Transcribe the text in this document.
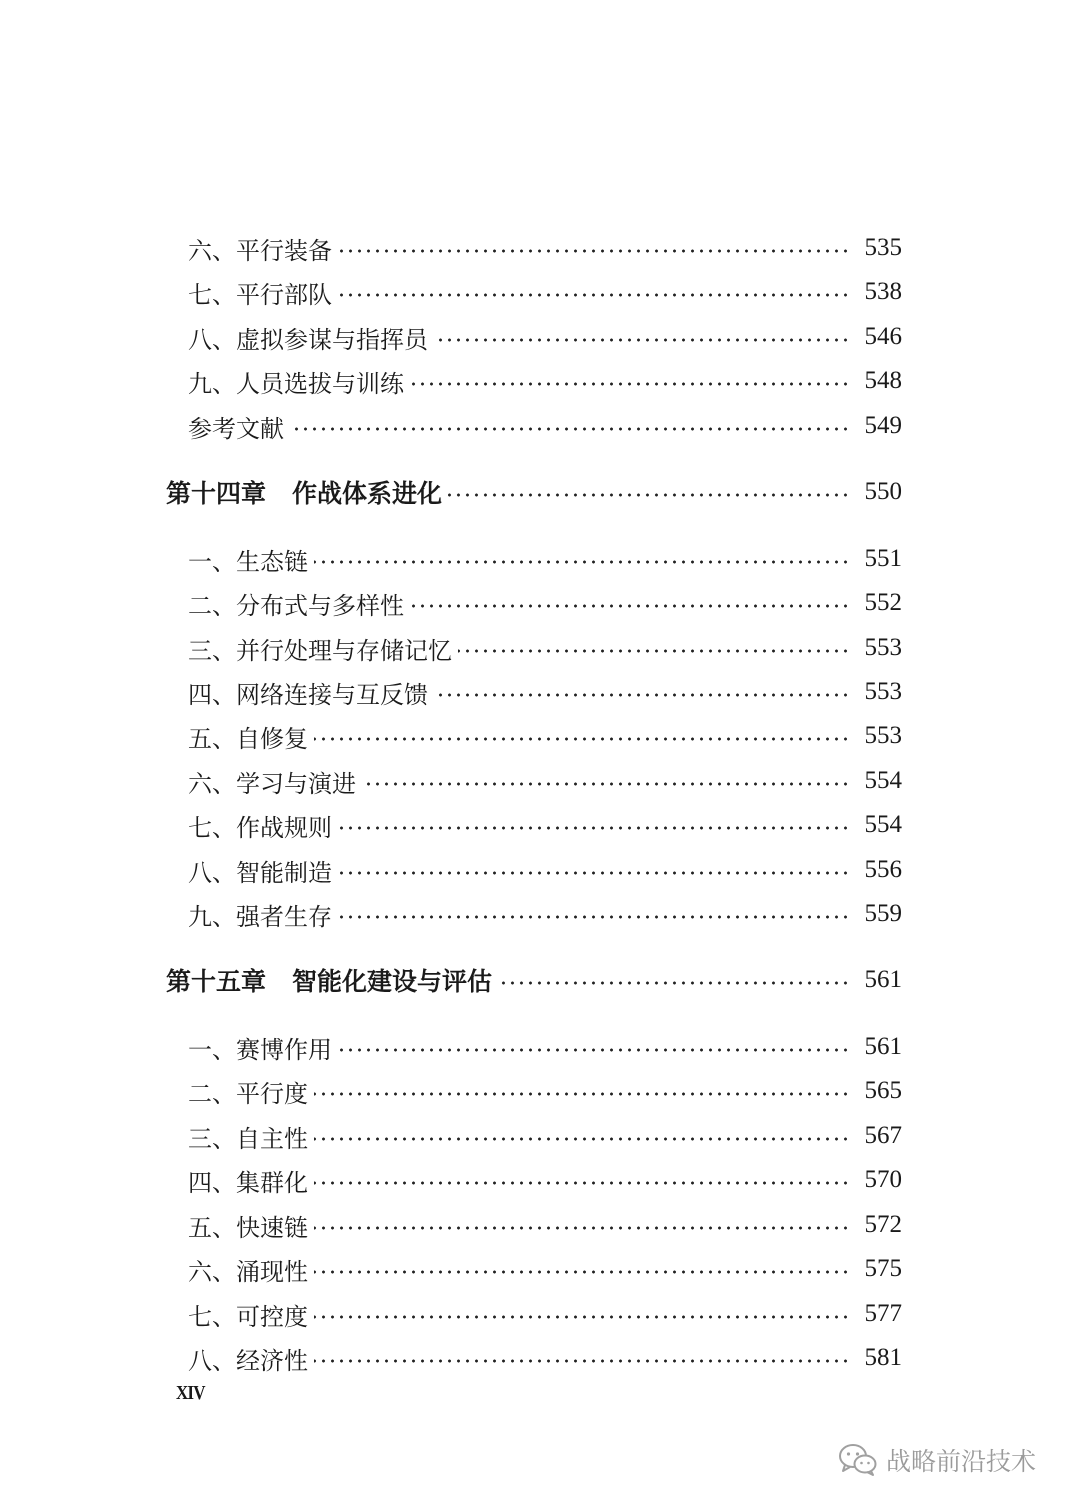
六、平行装备	535
七、平行部队	538
八、虚拟参谋与指挥员	546
九、人员选拔与训练	548
参考文献	549
第十四章 作战体系进化	550
一、生态链	551
二、分布式与多样性	552
三、并行处理与存储记忆	553
四、网络连接与互反馈	553
五、自修复	553
六、学习与演进	554
七、作战规则	554
八、智能制造	556
九、强者生存	559
第十五章 智能化建设与评估	561
一、赛博作用	561
二、平行度	565
三、自主性	567
四、集群化	570
五、快速链	572
六、涌现性	575
七、可控度	577
八、经济性	581
XIV
战略前沿技术
